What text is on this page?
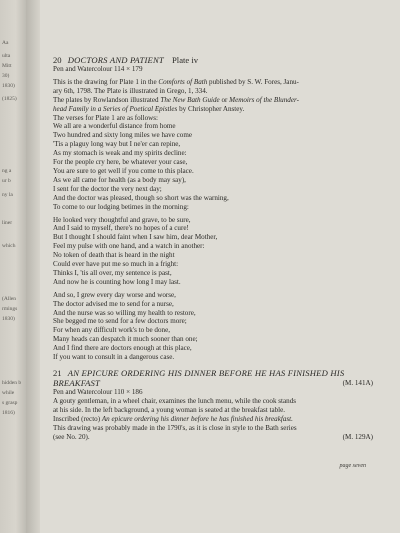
Aa
ulta
Mitt
30)
1830)
(1825)
ng a
ur b
ny la
liner
which
(Allen
rmings
1830)
hidden b
while
s grasp
1816)
20 DOCTORS AND PATIENT Plate iv
Pen and Watercolour 114 × 179
This is the drawing for Plate 1 in the Comforts of Bath published by S. W. Fores, Janu-
ary 6th, 1798. The Plate is illustrated in Grego, 1, 334.
The plates by Rowlandson illustrated The New Bath Guide or Memoirs of the Blunder-
head Family in a Series of Poetical Epistles by Christopher Anstey.
The verses for Plate 1 are as follows:
We all are a wonderful distance from home
Two hundred and sixty long miles we have come
'Tis a plaguy long way but I ne'er can repine,
As my stomach is weak and my spirits decline:
For the people cry here, be whatever your case,
You are sure to get well if you come to this place.
As we all came for health (as a body may say),
I sent for the doctor the very next day;
And the doctor was pleased, though so short was the warning,
To come to our lodging betimes in the morning:
He looked very thoughtful and grave, to be sure,
And I said to myself, there's no hopes of a cure!
But I thought I should faint when I saw him, dear Mother,
Feel my pulse with one hand, and a watch in another:
No token of death that is heard in the night
Could ever have put me so much in a fright:
Thinks I, 'tis all over, my sentence is past,
And now he is counting how long I may last.
And so, I grew every day worse and worse,
The doctor advised me to send for a nurse,
And the nurse was so willing my health to restore,
She begged me to send for a few doctors more;
For when any difficult work's to be done,
Many heads can despatch it much sooner than one;
And I find there are doctors enough at this place,
If you want to consult in a dangerous case.
21 AN EPICURE ORDERING HIS DINNER BEFORE HE HAS FINISHED HIS
BREAKFAST	(M. 141A)
Pen and Watercolour 110 × 186
A gouty gentleman, in a wheel chair, examines the lunch menu, while the cook stands
at his side. In the left background, a young woman is seated at the breakfast table.
Inscribed (recto) An epicure ordering his dinner before he has finished his breakfast.
This drawing was probably made in the 1790's, as it is close in style to the Bath series
(see No. 20).	(M. 129A)
page seven
